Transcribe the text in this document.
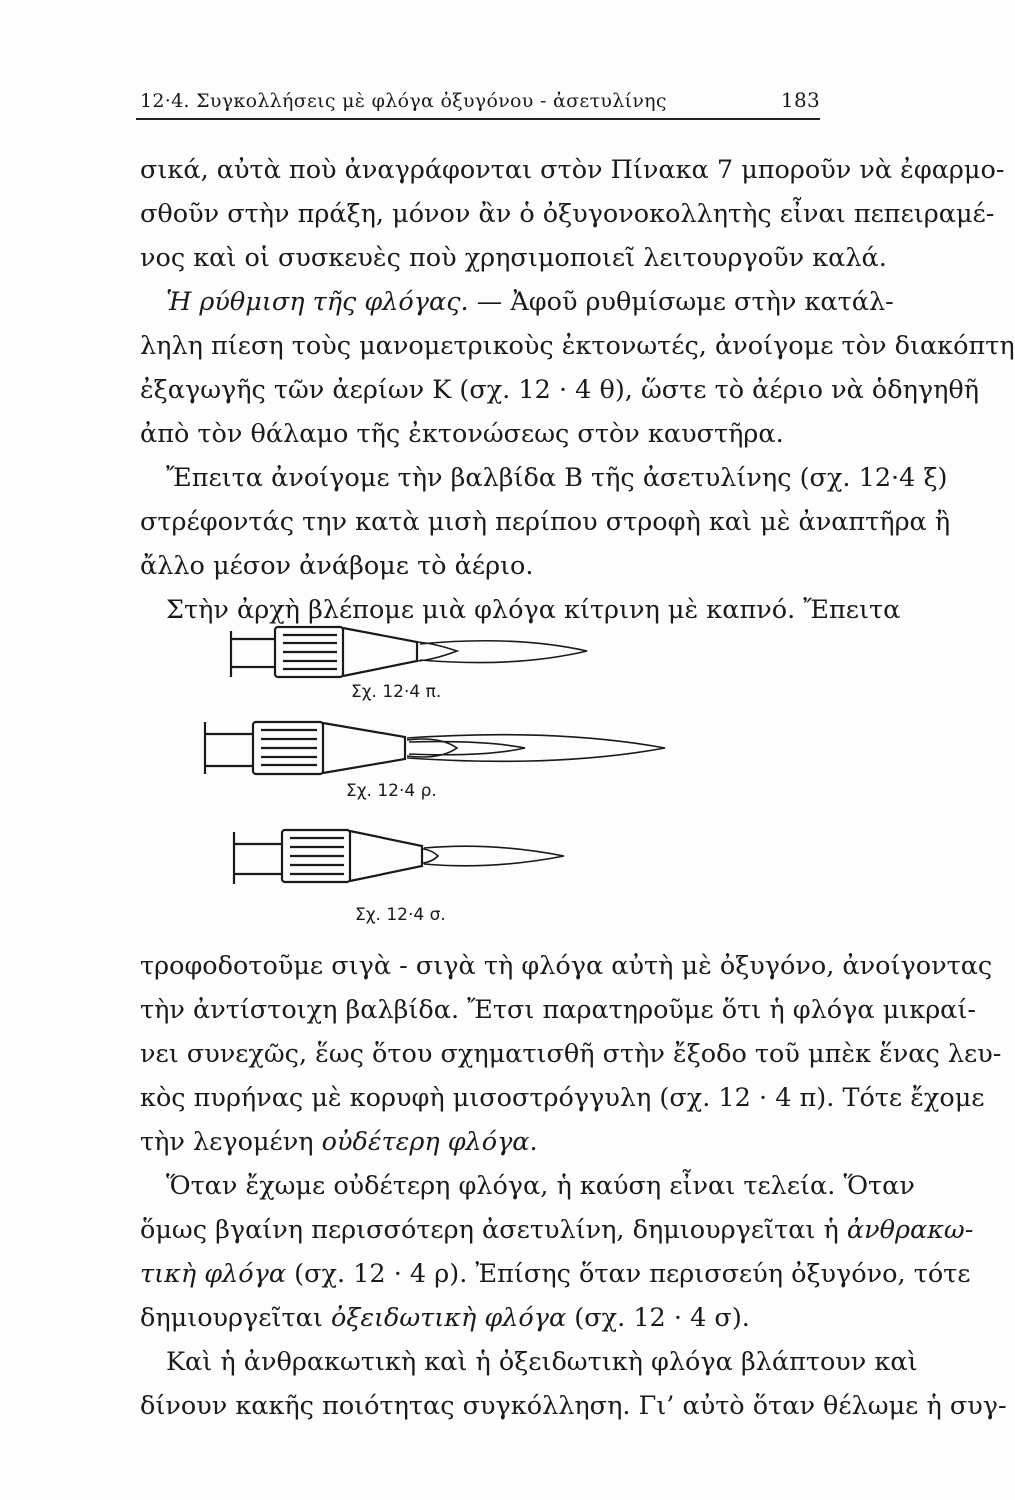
12·4. Συγκολλήσεις μὲ φλόγα ὀξυγόνου - ἀσετυλίνης	183
σικά, αὐτὰ ποὺ ἀναγράφονται στὸν Πίνακα 7 μποροῦν νὰ ἐφαρμο-
σθοῦν στὴν πράξη, μόνον ἂν ὁ ὀξυγονοκολλητὴς εἶναι πεπειραμέ-
νος καὶ οἱ συσκευὲς ποὺ χρησιμοποιεῖ λειτουργοῦν καλά.
Ἡ ρύθμιση τῆς φλόγας. — Ἀφοῦ ρυθμίσωμε στὴν κατάλ-
ληλη πίεση τοὺς μανομετρικοὺς ἐκτονωτές, ἀνοίγομε τὸν διακόπτη
ἐξαγωγῆς τῶν ἀερίων Κ (σχ. 12 · 4 θ), ὥστε τὸ ἀέριο νὰ ὁδηγηθῆ
ἀπὸ τὸν θάλαμο τῆς ἐκτονώσεως στὸν καυστῆρα.
Ἔπειτα ἀνοίγομε τὴν βαλβίδα Β τῆς ἀσετυλίνης (σχ. 12·4 ξ)
στρέφοντάς την κατὰ μισὴ περίπου στροφὴ καὶ μὲ ἀναπτῆρα ἢ
ἄλλο μέσον ἀνάβομε τὸ ἀέριο.
Στὴν ἀρχὴ βλέπομε μιὰ φλόγα κίτρινη μὲ καπνό. Ἔπειτα
Σχ. 12·4 π.
Σχ. 12·4 ρ.
Σχ. 12·4 σ.
τροφοδοτοῦμε σιγὰ - σιγὰ τὴ φλόγα αὐτὴ μὲ ὀξυγόνο, ἀνοίγοντας
τὴν ἀντίστοιχη βαλβίδα. Ἔτσι παρατηροῦμε ὅτι ἡ φλόγα μικραί-
νει συνεχῶς, ἕως ὅτου σχηματισθῆ στὴν ἔξοδο τοῦ μπὲκ ἕνας λευ-
κὸς πυρήνας μὲ κορυφὴ μισοστρόγγυλη (σχ. 12 · 4 π). Τότε ἔχομε
τὴν λεγομένη οὐδέτερη φλόγα.
Ὅταν ἔχωμε οὐδέτερη φλόγα, ἡ καύση εἶναι τελεία. Ὅταν
ὅμως βγαίνη περισσότερη ἀσετυλίνη, δημιουργεῖται ἡ ἀνθρακω-
τικὴ φλόγα (σχ. 12 · 4 ρ). Ἐπίσης ὅταν περισσεύη ὀξυγόνο, τότε
δημιουργεῖται ὀξειδωτικὴ φλόγα (σχ. 12 · 4 σ).
Καὶ ἡ ἀνθρακωτικὴ καὶ ἡ ὀξειδωτικὴ φλόγα βλάπτουν καὶ
δίνουν κακῆς ποιότητας συγκόλληση. Γι’ αὐτὸ ὅταν θέλωμε ἡ συγ-
